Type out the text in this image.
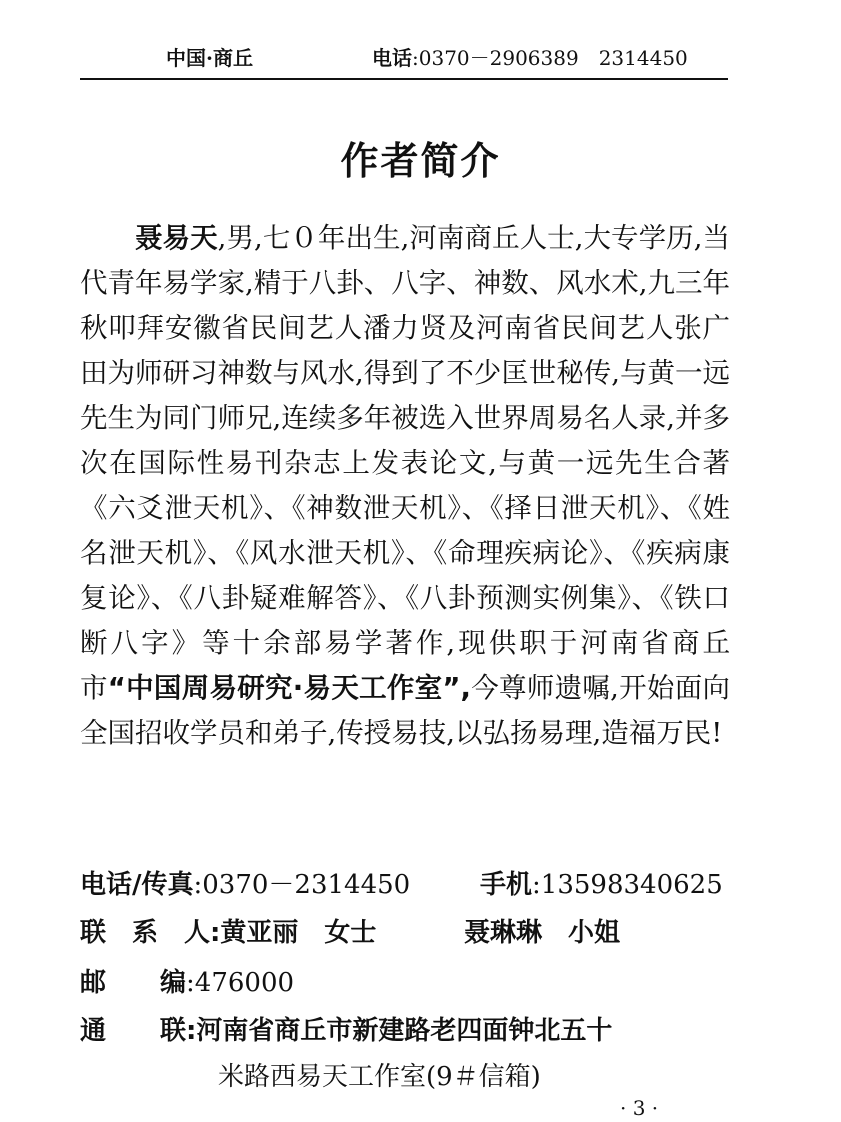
中国·商丘	电话:0370－2906389　2314450
作者简介

聂易天,男,七０年出生,河南商丘人士,大专学历,当代青年易学家,精于八卦、八字、神数、风水术,九三年秋叩拜安徽省民间艺人潘力贤及河南省民间艺人张广田为师研习神数与风水,得到了不少匡世秘传,与黄一远先生为同门师兄,连续多年被选入世界周易名人录,并多次在国际性易刊杂志上发表论文,与黄一远先生合著《六爻泄天机》、《神数泄天机》、《择日泄天机》、《姓名泄天机》、《风水泄天机》、《命理疾病论》、《疾病康复论》、《八卦疑难解答》、《八卦预测实例集》、《铁口断八字》等十余部易学著作,现供职于河南省商丘市“中国周易研究·易天工作室”,今尊师遗嘱,开始面向全国招收学员和弟子,传授易技,以弘扬易理,造福万民!

电话/传真:0370－2314450	手机:13598340625
联　系　人:黄亚丽　女士	聂琳琳　小姐
邮 编:476000
通 联:河南省商丘市新建路老四面钟北五十
米路西易天工作室(9＃信箱)
· 3 ·
